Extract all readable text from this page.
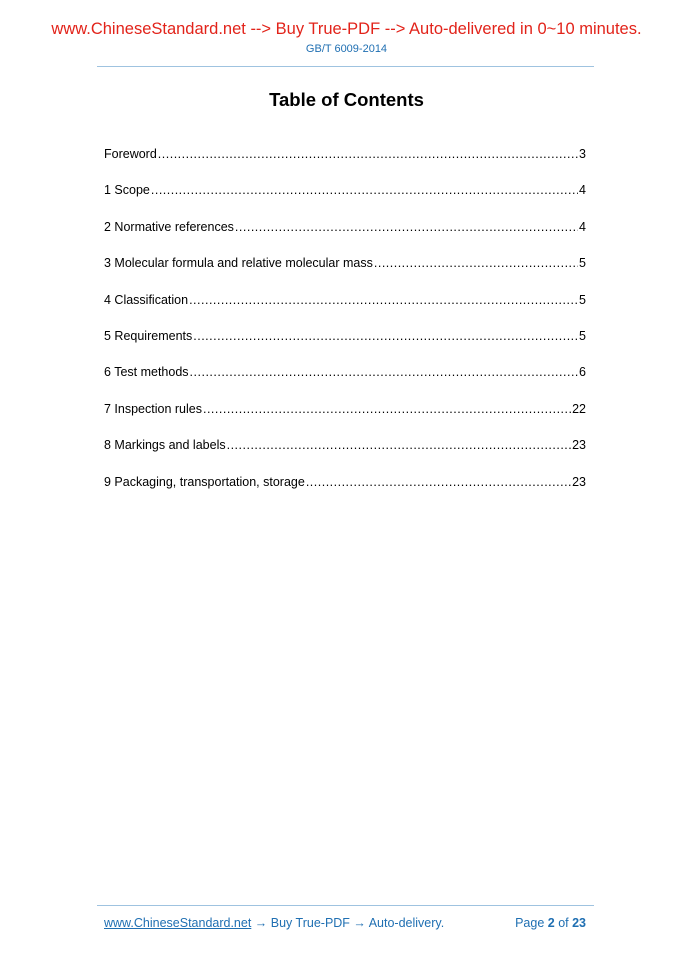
www.ChineseStandard.net --> Buy True-PDF --> Auto-delivered in 0~10 minutes.
GB/T 6009-2014
Table of Contents
Foreword .....	3
1 Scope .....	4
2 Normative references .....	4
3 Molecular formula and relative molecular mass .....	5
4 Classification .....	5
5 Requirements .....	5
6 Test methods .....	6
7 Inspection rules .....	22
8 Markings and labels .....	23
9 Packaging, transportation, storage .....	23
www.ChineseStandard.net → Buy True-PDF → Auto-delivery.	Page 2 of 23
